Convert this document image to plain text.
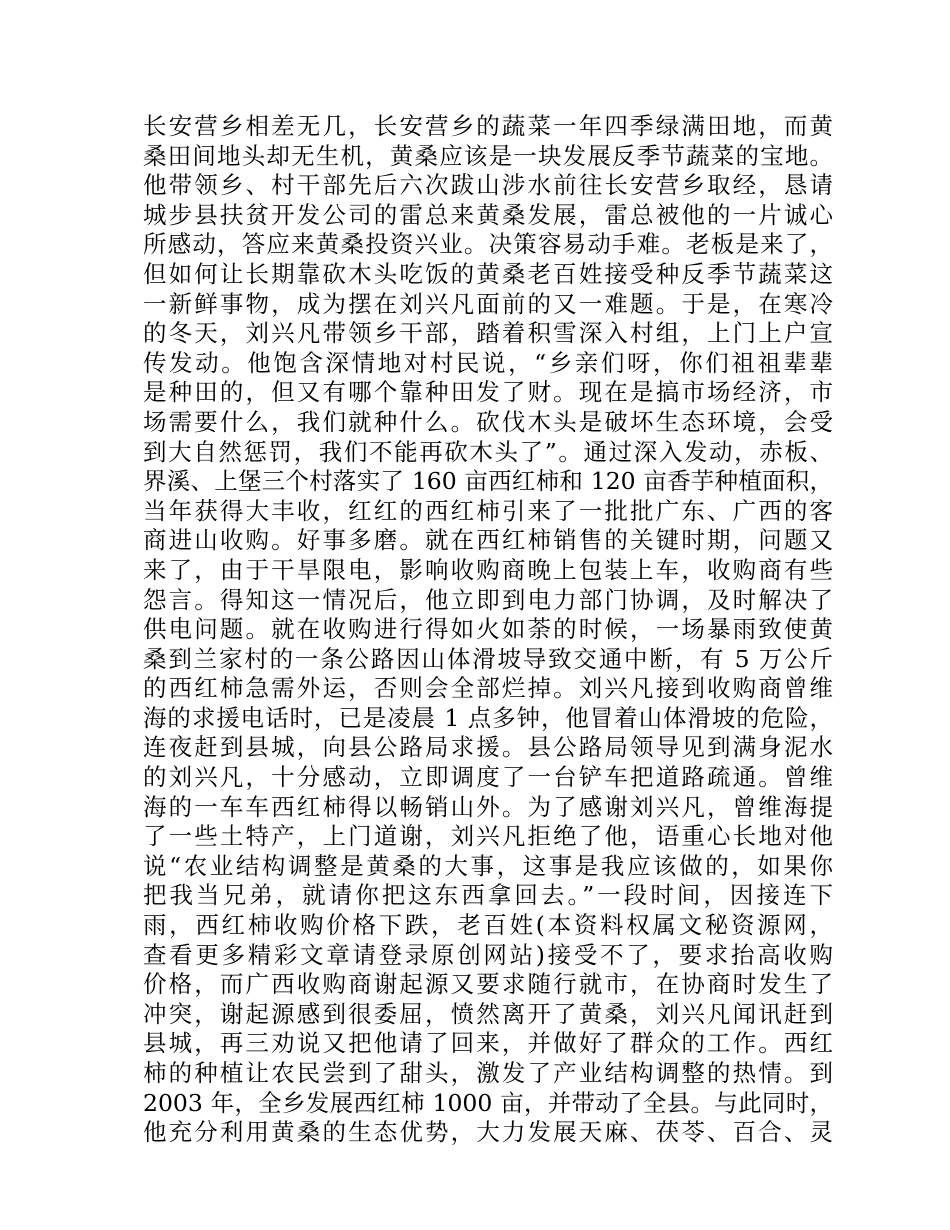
长安营乡相差无几，长安营乡的蔬菜一年四季绿满田地，而黄
桑田间地头却无生机，黄桑应该是一块发展反季节蔬菜的宝地。
他带领乡、村干部先后六次跋山涉水前往长安营乡取经，恳请
城步县扶贫开发公司的雷总来黄桑发展，雷总被他的一片诚心
所感动，答应来黄桑投资兴业。决策容易动手难。老板是来了，
但如何让长期靠砍木头吃饭的黄桑老百姓接受种反季节蔬菜这
一新鲜事物，成为摆在刘兴凡面前的又一难题。于是，在寒冷
的冬天，刘兴凡带领乡干部，踏着积雪深入村组，上门上户宣
传发动。他饱含深情地对村民说，“乡亲们呀，你们祖祖辈辈
是种田的，但又有哪个靠种田发了财。现在是搞市场经济，市
场需要什么，我们就种什么。砍伐木头是破坏生态环境，会受
到大自然惩罚，我们不能再砍木头了”。通过深入发动，赤板、
界溪、上堡三个村落实了 160 亩西红柿和 120 亩香芋种植面积，
当年获得大丰收，红红的西红柿引来了一批批广东、广西的客
商进山收购。好事多磨。就在西红柿销售的关键时期，问题又
来了，由于干旱限电，影响收购商晚上包装上车，收购商有些
怨言。得知这一情况后，他立即到电力部门协调，及时解决了
供电问题。就在收购进行得如火如荼的时候，一场暴雨致使黄
桑到兰家村的一条公路因山体滑坡导致交通中断，有 5 万公斤
的西红柿急需外运，否则会全部烂掉。刘兴凡接到收购商曾维
海的求援电话时，已是凌晨 1 点多钟，他冒着山体滑坡的危险，
连夜赶到县城，向县公路局求援。县公路局领导见到满身泥水
的刘兴凡，十分感动，立即调度了一台铲车把道路疏通。曾维
海的一车车西红柿得以畅销山外。为了感谢刘兴凡，曾维海提
了一些土特产，上门道谢，刘兴凡拒绝了他，语重心长地对他
说“农业结构调整是黄桑的大事，这事是我应该做的，如果你
把我当兄弟，就请你把这东西拿回去。”一段时间，因接连下
雨，西红柿收购价格下跌，老百姓(本资料权属文秘资源网，
查看更多精彩文章请登录原创网站)接受不了，要求抬高收购
价格，而广西收购商谢起源又要求随行就市，在协商时发生了
冲突，谢起源感到很委屈，愤然离开了黄桑，刘兴凡闻讯赶到
县城，再三劝说又把他请了回来，并做好了群众的工作。西红
柿的种植让农民尝到了甜头，激发了产业结构调整的热情。到
2003 年，全乡发展西红柿 1000 亩，并带动了全县。与此同时，
他充分利用黄桑的生态优势，大力发展天麻、茯苓、百合、灵
